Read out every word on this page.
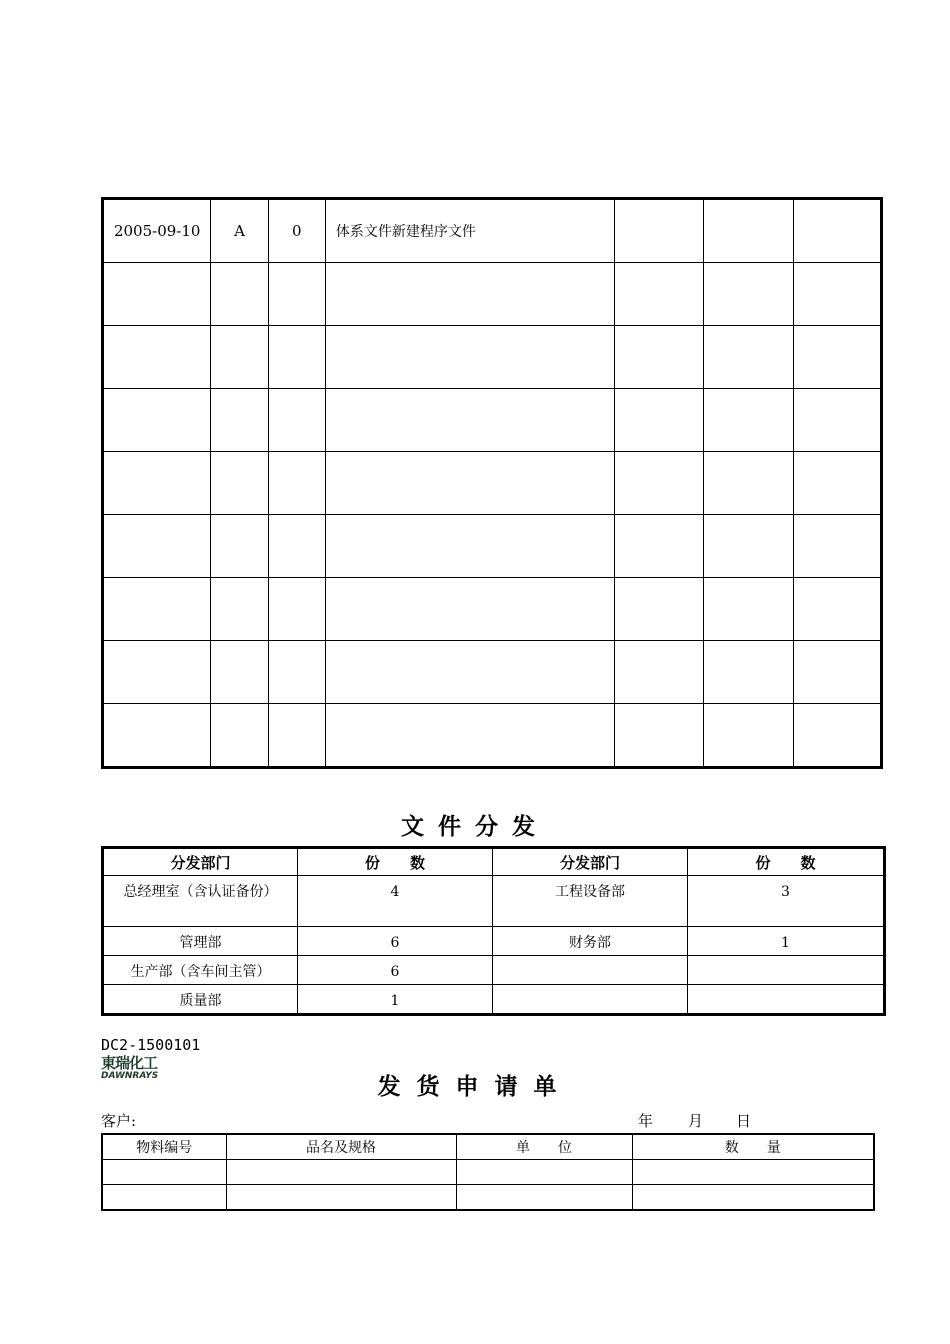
2005-09-10	A	0	体系文件新建程序文件			

文件分发
分发部门	份　　数	分发部门	份　　数
总经理室（含认证备份）	4	工程设备部	3
管理部	6	财务部	1
生产部（含车间主管）	6		
质量部	1		
DC2-1500101
東瑞化工
DAWNRAYS	发货申请单
客户:	年 月 日
物料编号	品名及规格	单　　位	数　　量
